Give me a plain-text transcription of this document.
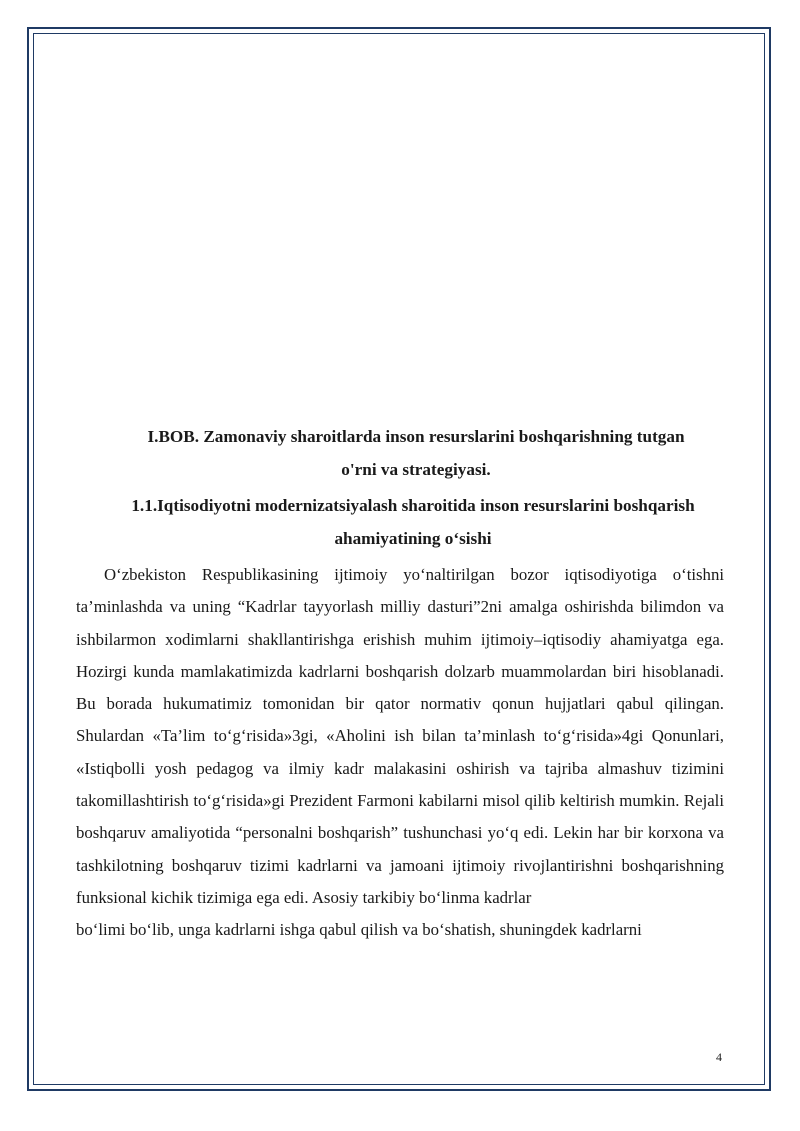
I.BOB. Zamonaviy sharoitlarda inson resurslarini boshqarishning tutgan
o'rni va strategiyasi.
1.1.Iqtisodiyotni modernizatsiyalash sharoitida inson resurslarini boshqarish
ahamiyatining o‘sishi

O‘zbekiston Respublikasining ijtimoiy yo‘naltirilgan bozor iqtisodiyotiga o‘tishni ta’minlashda va uning “Kadrlar tayyorlash milliy dasturi”2ni amalga oshirishda bilimdon va ishbilarmon xodimlarni shakllantirishga erishish muhim ijtimoiy–iqtisodiy ahamiyatga ega. Hozirgi kunda mamlakatimizda kadrlarni boshqarish dolzarb muammolardan biri hisoblanadi. Bu borada hukumatimiz tomonidan bir qator normativ qonun hujjatlari qabul qilingan. Shulardan «Ta’lim to‘g‘risida»3gi, «Aholini ish bilan ta’minlash to‘g‘risida»4gi Qonunlari, «Istiqbolli yosh pedagog va ilmiy kadr malakasini oshirish va tajriba almashuv tizimini takomillashtirish to‘g‘risida»gi Prezident Farmoni kabilarni misol qilib keltirish mumkin. Rejali boshqaruv amaliyotida “personalni boshqarish” tushunchasi yo‘q edi. Lekin har bir korxona va tashkilotning boshqaruv tizimi kadrlarni va jamoani ijtimoiy rivojlantirishni boshqarishning funksional kichik tizimiga ega edi. Asosiy tarkibiy bo‘linma kadrlar

bo‘limi bo‘lib, unga kadrlarni ishga qabul qilish va bo‘shatish, shuningdek kadrlarni
4
